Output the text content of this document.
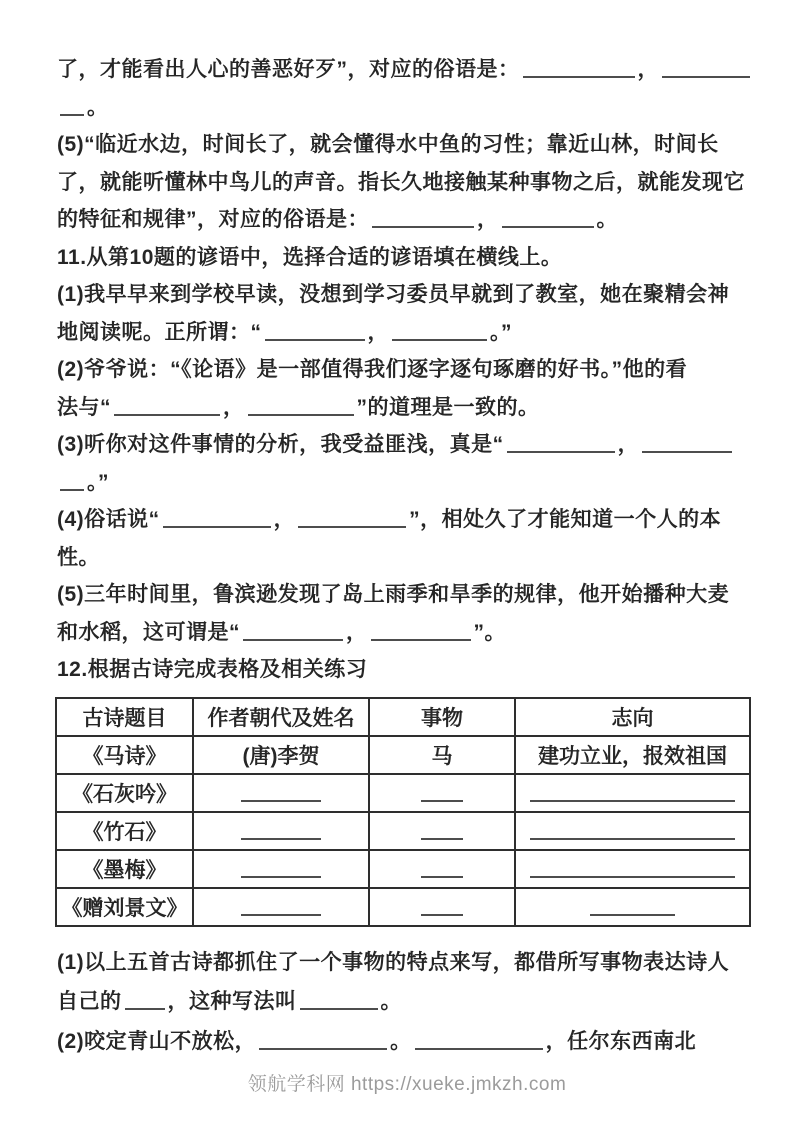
了，才能看出人心的善恶好歹”，对应的俗语是：	，
。
(5)“临近水边，时间长了，就会懂得水中鱼的习性；靠近山林，时间长
了，就能听懂林中鸟儿的声音。指长久地接触某种事物之后，就能发现它
的特征和规律”，对应的俗语是：	，	。
11.从第10题的谚语中，选择合适的谚语填在横线上。
(1)我早早来到学校早读，没想到学习委员早就到了教室，她在聚精会神
地阅读呢。正所谓：“	，	。”
(2)爷爷说：“《论语》是一部值得我们逐字逐句琢磨的好书。”他的看
法与“	，	”的道理是一致的。
(3)听你对这件事情的分析，我受益匪浅，真是“	，
。”
(4)俗话说“	，	”，相处久了才能知道一个人的本
性。
(5)三年时间里，鲁滨逊发现了岛上雨季和旱季的规律，他开始播种大麦
和水稻，这可谓是“	，	”。
12.根据古诗完成表格及相关练习
古诗题目	作者朝代及姓名	事物	志向
《马诗》	(唐)李贺	马	建功立业，报效祖国
《石灰吟》			
《竹石》			
《墨梅》			
《赠刘景文》			
(1)以上五首古诗都抓住了一个事物的特点来写，都借所写事物表达诗人
自己的 ，这种写法叫	。
(2)咬定青山不放松，	。	，任尔东西南北
领航学科网 https://xueke.jmkzh.com
